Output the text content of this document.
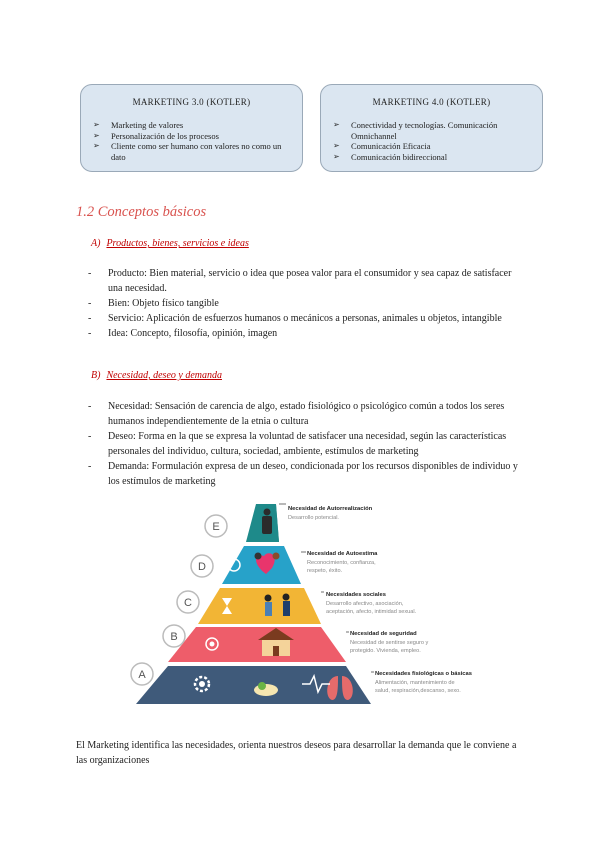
MARKETING 3.0 (KOTLER)
➢ Marketing de valores
➢ Personalización de los procesos
➢ Cliente como ser humano con valores no como un dato
MARKETING 4.0 (KOTLER)
➢ Conectividad y tecnologías. Comunicación Omnichannel
➢ Comunicación Eficacia
➢ Comunicación bidireccional
1.2 Conceptos básicos
A) Productos, bienes, servicios e ideas
- Producto: Bien material, servicio o idea que posea valor para el consumidor y sea capaz de satisfacer una necesidad.
- Bien: Objeto físico tangible
- Servicio: Aplicación de esfuerzos humanos o mecánicos a personas, animales u objetos, intangible
- Idea: Concepto, filosofía, opinión, imagen
B) Necesidad, deseo y demanda
- Necesidad: Sensación de carencia de algo, estado fisiológico o psicológico común a todos los seres humanos independientemente de la etnia o cultura
- Deseo: Forma en la que se expresa la voluntad de satisfacer una necesidad, según las características personales del individuo, cultura, sociedad, ambiente, estímulos de marketing
- Demanda: Formulación expresa de un deseo, condicionada por los recursos disponibles de individuo y los estímulos de marketing
E
Necesidad de Autorrealización
Desarrollo potencial.
D
Necesidad de Autoestima
Reconocimiento, confianza,
respeto, éxito.
C
Necesidades sociales
Desarrollo afectivo, asociación,
aceptación, afecto, intimidad sexual.
B	Necesidad de seguridad
Necesidad de sentirse seguro y
protegido. Vivienda, empleo.
A	Necesidades fisiológicas o básicas
Alimentación, mantenimiento de
salud, respiración,descanso, sexo.
El Marketing identifica las necesidades, orienta nuestros deseos para desarrollar la demanda que le conviene a las organizaciones
